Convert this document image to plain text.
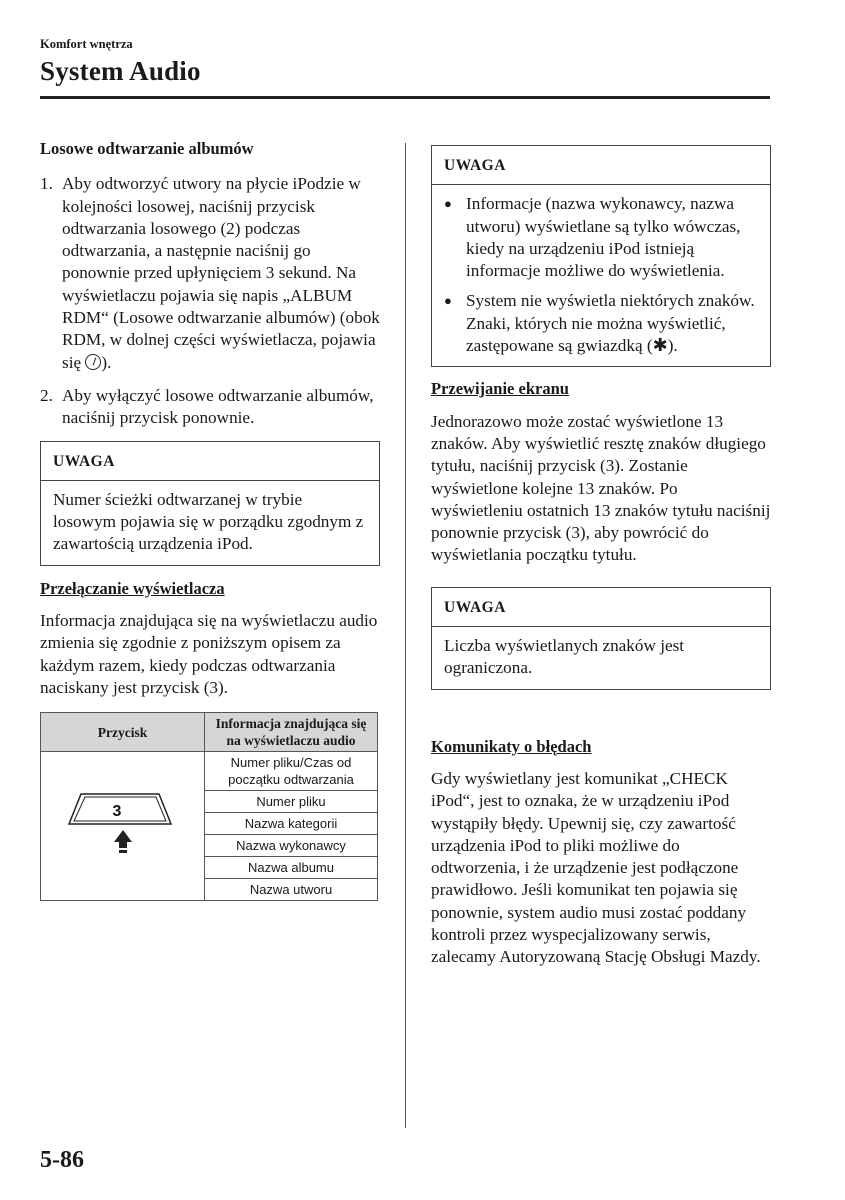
Komfort wnętrza
System Audio

Losowe odtwarzanie albumów

1. Aby odtworzyć utwory na płycie iPodzie w kolejności losowej, naciśnij przycisk odtwarzania losowego (2) podczas odtwarzania, a następnie naciśnij go ponownie przed upłynięciem 3 sekund. Na wyświetlaczu pojawia się napis „ALBUM RDM“ (Losowe odtwarzanie albumów) (obok RDM, w dolnej części wyświetlacza, pojawia się ).
2. Aby wyłączyć losowe odtwarzanie albumów, naciśnij przycisk ponownie.
UWAGA
Numer ścieżki odtwarzanej w trybie losowym pojawia się w porządku zgodnym z zawartością urządzenia iPod.

Przełączanie wyświetlacza

Informacja znajdująca się na wyświetlaczu audio zmienia się zgodnie z poniższym opisem za każdym razem, kiedy podczas odtwarzania naciskany jest przycisk (3).

Przycisk	Informacja znajdująca się na wyświetlaczu audio

3	Numer pliku/Czas od początku odtwarzania
	Numer pliku
	Nazwa kategorii
	Nazwa wykonawcy
	Nazwa albumu
	Nazwa utworu
UWAGA
● Informacje (nazwa wykonawcy, nazwa utworu) wyświetlane są tylko wówczas, kiedy na urządzeniu iPod istnieją informacje możliwe do wyświetlenia.
● System nie wyświetla niektórych znaków. Znaki, których nie można wyświetlić, zastępowane są gwiazdką (✱).

Przewijanie ekranu

Jednorazowo może zostać wyświetlone 13 znaków. Aby wyświetlić resztę znaków długiego tytułu, naciśnij przycisk (3). Zostanie wyświetlone kolejne 13 znaków. Po wyświetleniu ostatnich 13 znaków tytułu naciśnij ponownie przycisk (3), aby powrócić do wyświetlania początku tytułu.

UWAGA
Liczba wyświetlanych znaków jest ograniczona.

Komunikaty o błędach

Gdy wyświetlany jest komunikat „CHECK iPod“, jest to oznaka, że w urządzeniu iPod wystąpiły błędy. Upewnij się, czy zawartość urządzenia iPod to pliki możliwe do odtworzenia, i że urządzenie jest podłączone prawidłowo. Jeśli komunikat ten pojawia się ponownie, system audio musi zostać poddany kontroli przez wyspecjalizowany serwis, zalecamy Autoryzowaną Stację Obsługi Mazdy.

5-86
